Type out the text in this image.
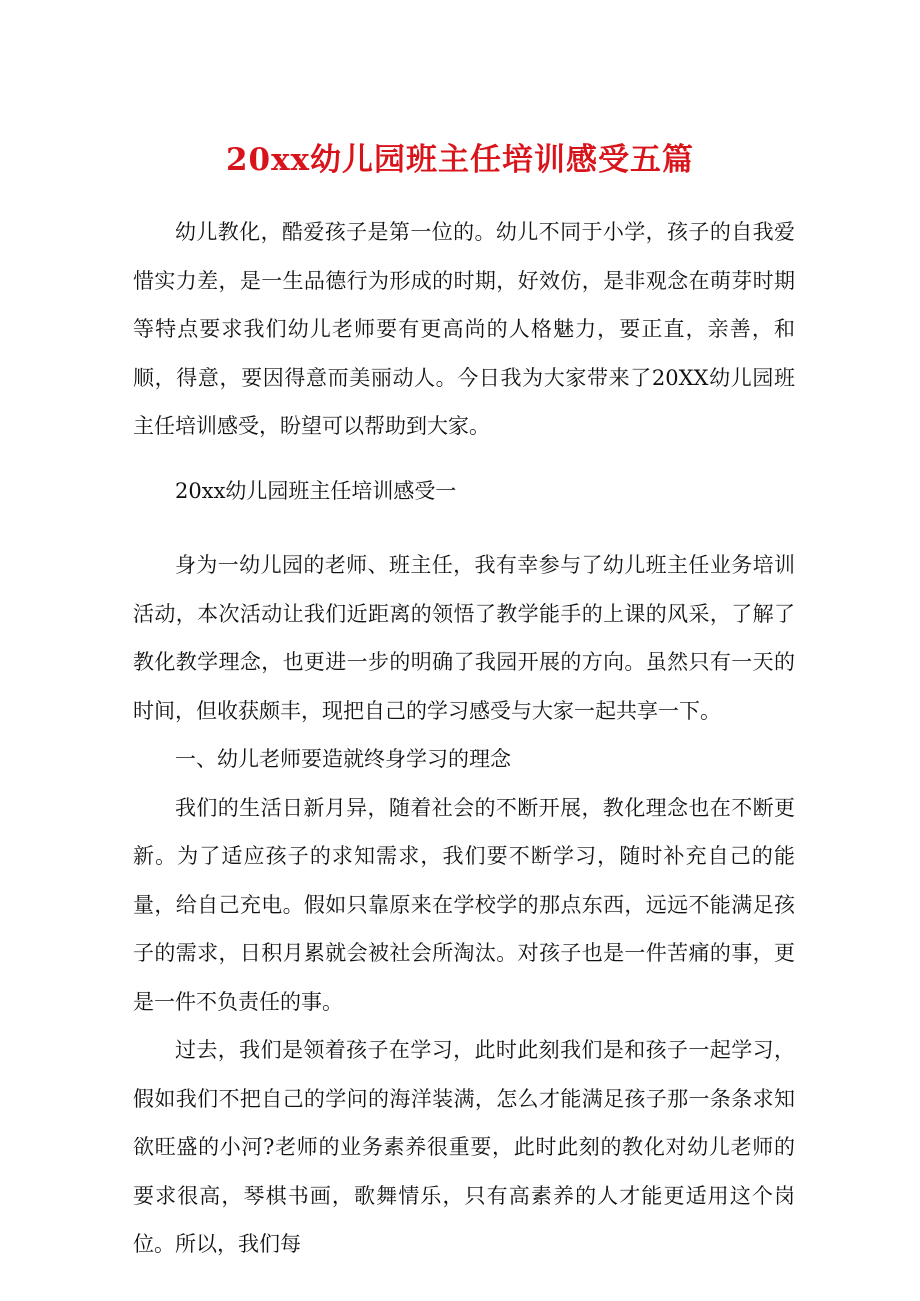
20xx幼儿园班主任培训感受五篇

幼儿教化，酷爱孩子是第一位的。幼儿不同于小学，孩子的自我爱惜实力差，是一生品德行为形成的时期，好效仿，是非观念在萌芽时期等特点要求我们幼儿老师要有更高尚的人格魅力，要正直，亲善，和顺，得意，要因得意而美丽动人。今日我为大家带来了20XX幼儿园班主任培训感受，盼望可以帮助到大家。

20xx幼儿园班主任培训感受一

身为一幼儿园的老师、班主任，我有幸参与了幼儿班主任业务培训活动，本次活动让我们近距离的领悟了教学能手的上课的风采，了解了教化教学理念，也更进一步的明确了我园开展的方向。虽然只有一天的时间，但收获颇丰，现把自己的学习感受与大家一起共享一下。

一、幼儿老师要造就终身学习的理念

我们的生活日新月异，随着社会的不断开展，教化理念也在不断更新。为了适应孩子的求知需求，我们要不断学习，随时补充自己的能量，给自己充电。假如只靠原来在学校学的那点东西，远远不能满足孩子的需求，日积月累就会被社会所淘汰。对孩子也是一件苦痛的事，更是一件不负责任的事。

过去，我们是领着孩子在学习，此时此刻我们是和孩子一起学习，假如我们不把自己的学问的海洋装满，怎么才能满足孩子那一条条求知欲旺盛的小河?老师的业务素养很重要，此时此刻的教化对幼儿老师的要求很高，琴棋书画，歌舞情乐，只有高素养的人才能更适用这个岗位。所以，我们每
